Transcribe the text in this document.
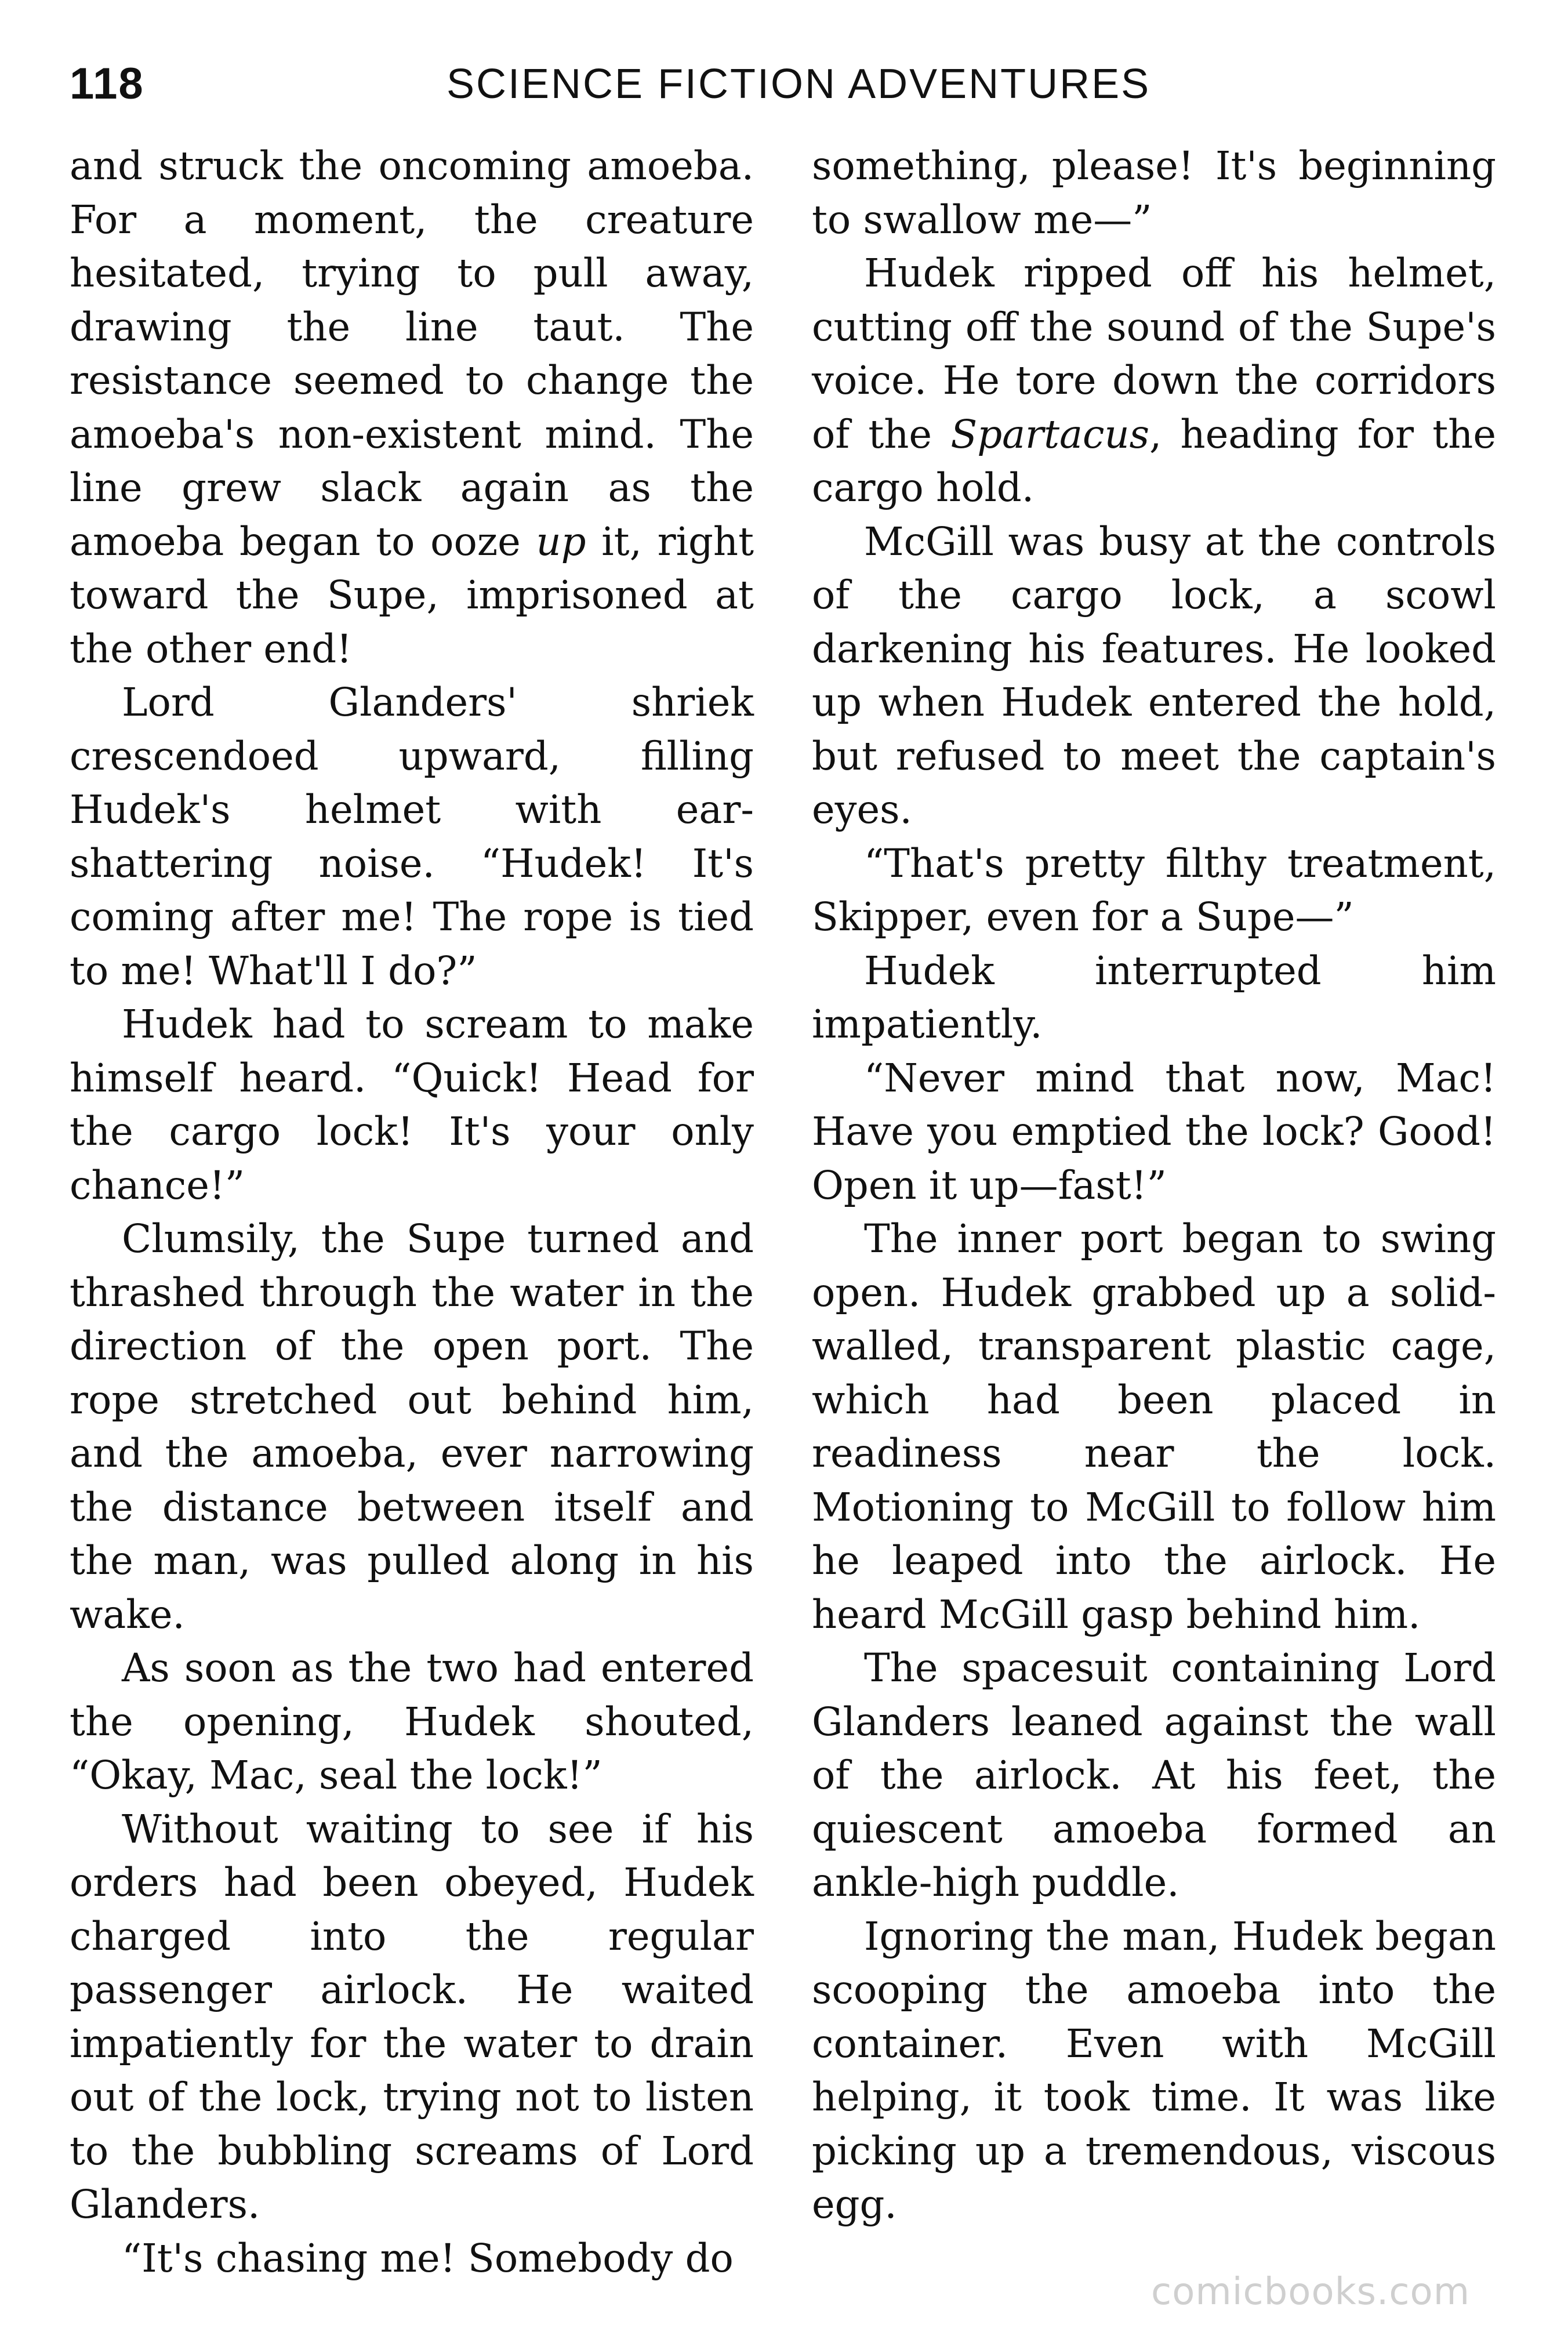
118	SCIENCE FICTION ADVENTURES

and struck the oncoming amoeba. For a moment, the creature hesitated, trying to pull away, drawing the line taut. The resistance seemed to change the amoeba's non-existent mind. The line grew slack again as the amoeba began to ooze up it, right toward the Supe, imprisoned at the other end!

Lord Glanders' shriek crescendoed upward, filling Hudek's helmet with ear-shattering noise. “Hudek! It's coming after me! The rope is tied to me! What'll I do?”

Hudek had to scream to make himself heard. “Quick! Head for the cargo lock! It's your only chance!”

Clumsily, the Supe turned and thrashed through the water in the direction of the open port. The rope stretched out behind him, and the amoeba, ever narrowing the distance between itself and the man, was pulled along in his wake.

As soon as the two had entered the opening, Hudek shouted, “Okay, Mac, seal the lock!”

Without waiting to see if his orders had been obeyed, Hudek charged into the regular passenger airlock. He waited impatiently for the water to drain out of the lock, trying not to listen to the bubbling screams of Lord Glanders.

“It's chasing me! Somebody do

something, please! It's beginning to swallow me—”

Hudek ripped off his helmet, cutting off the sound of the Supe's voice. He tore down the corridors of the Spartacus, heading for the cargo hold.

McGill was busy at the controls of the cargo lock, a scowl darkening his features. He looked up when Hudek entered the hold, but refused to meet the captain's eyes.

“That's pretty filthy treatment, Skipper, even for a Supe—”

Hudek interrupted him impatiently.

“Never mind that now, Mac! Have you emptied the lock? Good! Open it up—fast!”

The inner port began to swing open. Hudek grabbed up a solid-walled, transparent plastic cage, which had been placed in readiness near the lock. Motioning to McGill to follow him he leaped into the airlock. He heard McGill gasp behind him.

The spacesuit containing Lord Glanders leaned against the wall of the airlock. At his feet, the quiescent amoeba formed an ankle-high puddle.

Ignoring the man, Hudek began scooping the amoeba into the container. Even with McGill helping, it took time. It was like picking up a tremendous, viscous egg.

comicbooks.com
